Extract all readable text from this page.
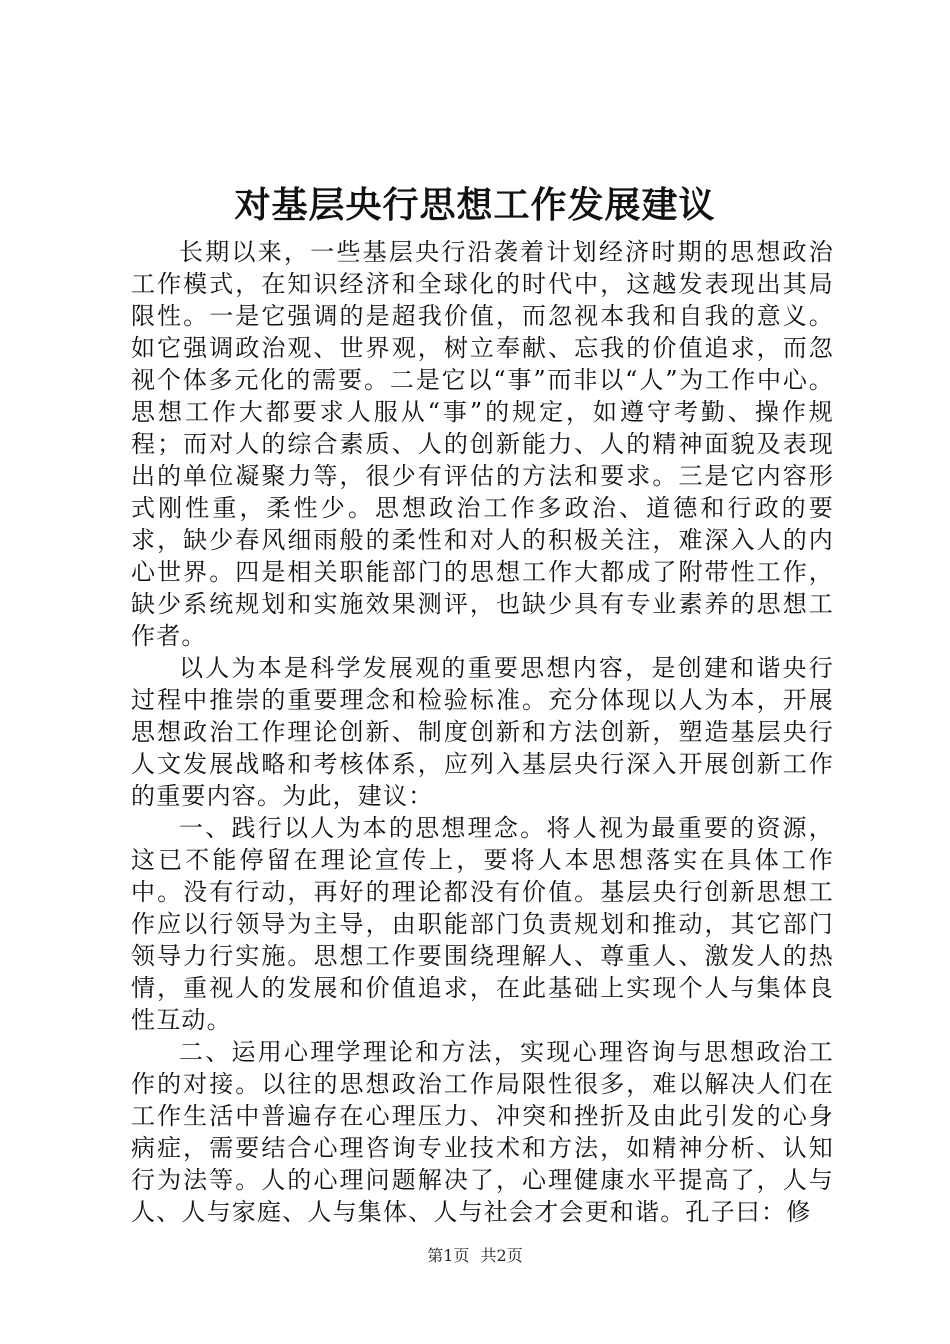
对基层央行思想工作发展建议

长期以来，一些基层央行沿袭着计划经济时期的思想政治工作模式，在知识经济和全球化的时代中，这越发表现出其局限性。一是它强调的是超我价值，而忽视本我和自我的意义。如它强调政治观、世界观，树立奉献、忘我的价值追求，而忽视个体多元化的需要。二是它以“事”而非以“人”为工作中心。思想工作大都要求人服从“事”的规定，如遵守考勤、操作规程；而对人的综合素质、人的创新能力、人的精神面貌及表现出的单位凝聚力等，很少有评估的方法和要求。三是它内容形式刚性重，柔性少。思想政治工作多政治、道德和行政的要求，缺少春风细雨般的柔性和对人的积极关注，难深入人的内心世界。四是相关职能部门的思想工作大都成了附带性工作，缺少系统规划和实施效果测评，也缺少具有专业素养的思想工作者。

以人为本是科学发展观的重要思想内容，是创建和谐央行过程中推崇的重要理念和检验标准。充分体现以人为本，开展思想政治工作理论创新、制度创新和方法创新，塑造基层央行人文发展战略和考核体系，应列入基层央行深入开展创新工作的重要内容。为此，建议：

一、践行以人为本的思想理念。将人视为最重要的资源，这已不能停留在理论宣传上，要将人本思想落实在具体工作中。没有行动，再好的理论都没有价值。基层央行创新思想工作应以行领导为主导，由职能部门负责规划和推动，其它部门领导力行实施。思想工作要围绕理解人、尊重人、激发人的热情，重视人的发展和价值追求，在此基础上实现个人与集体良性互动。

二、运用心理学理论和方法，实现心理咨询与思想政治工作的对接。以往的思想政治工作局限性很多，难以解决人们在工作生活中普遍存在心理压力、冲突和挫折及由此引发的心身病症，需要结合心理咨询专业技术和方法，如精神分析、认知行为法等。人的心理问题解决了，心理健康水平提高了，人与人、人与家庭、人与集体、人与社会才会更和谐。孔子曰：修

第1页 共2页
